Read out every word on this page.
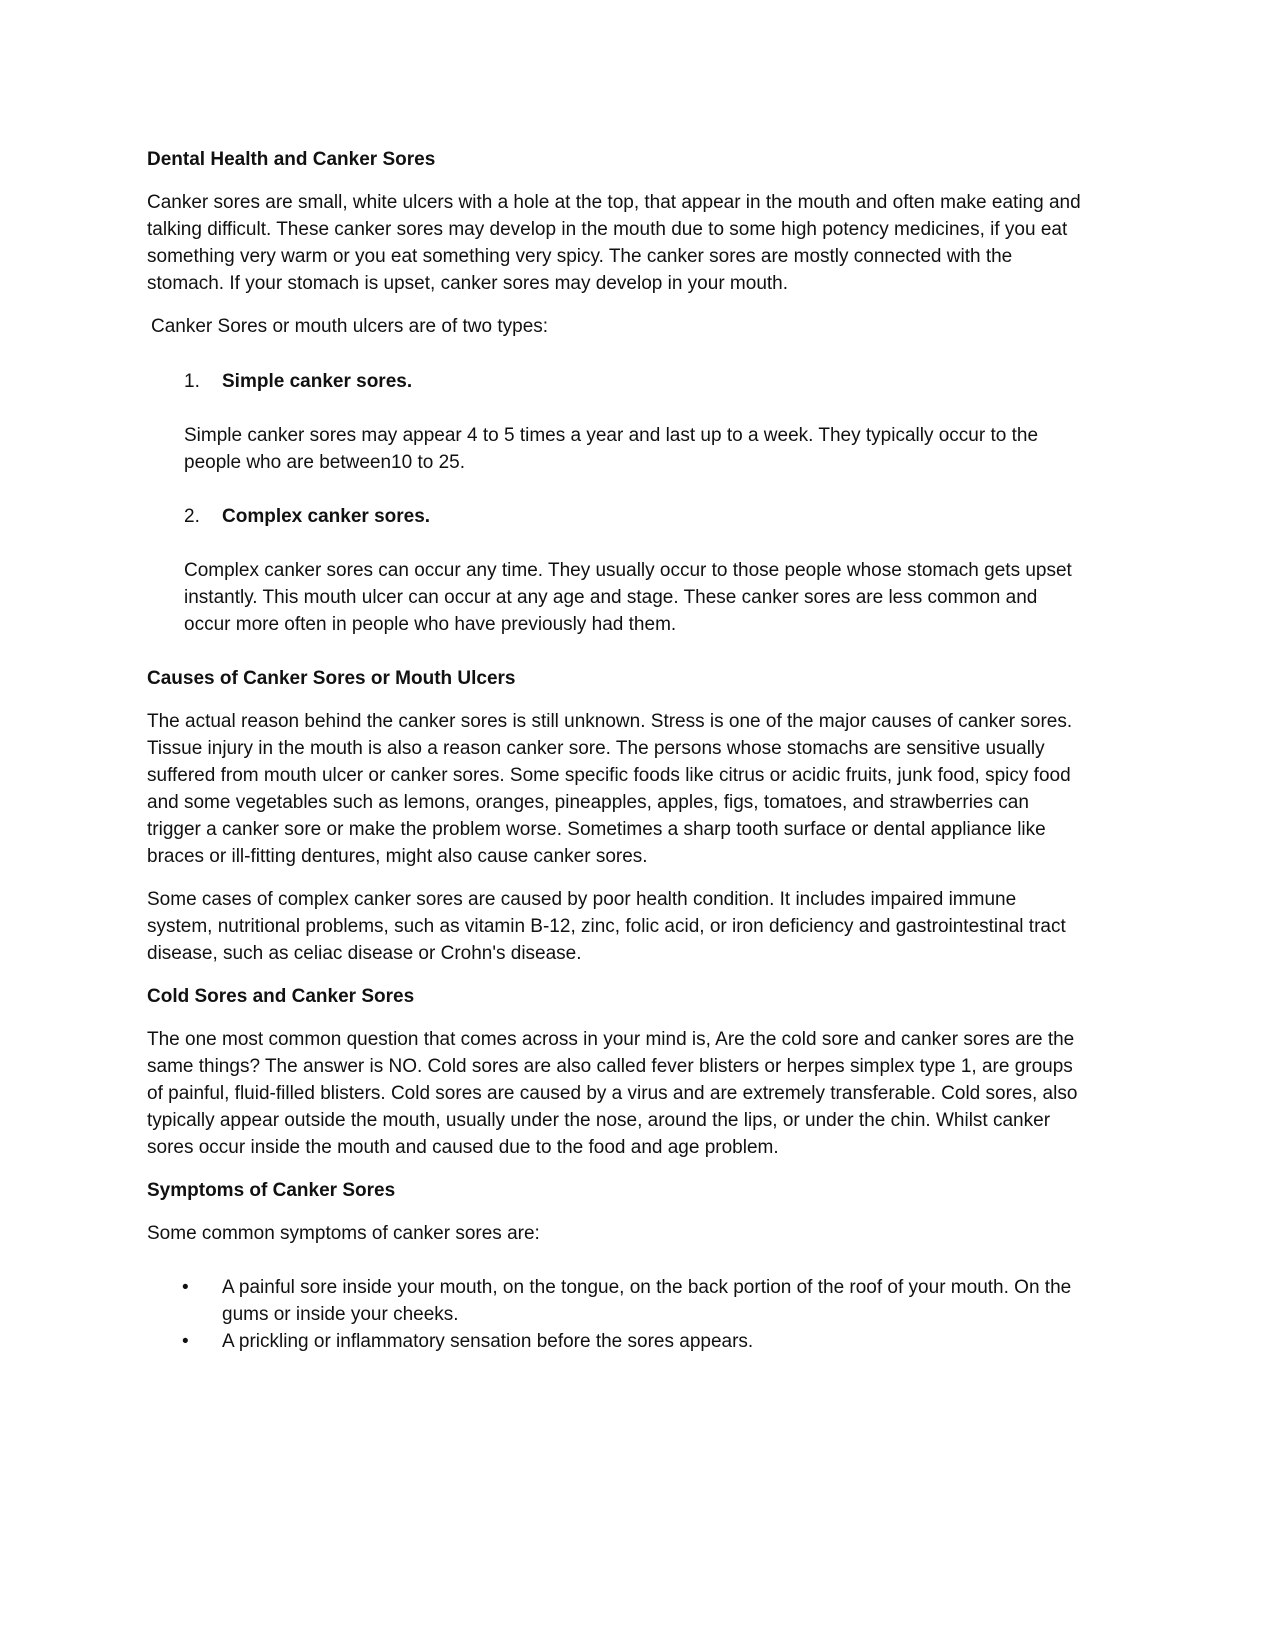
Dental Health and Canker Sores

Canker sores are small, white ulcers with a hole at the top, that appear in the mouth and often make eating and talking difficult. These canker sores may develop in the mouth due to some high potency medicines, if you eat something very warm or you eat something very spicy. The canker sores are mostly connected with the stomach. If your stomach is upset, canker sores may develop in your mouth.

Canker Sores or mouth ulcers are of two types:

1.	Simple canker sores.

Simple canker sores may appear 4 to 5 times a year and last up to a week. They typically occur to the people who are between10 to 25.

2.	Complex canker sores.

Complex canker sores can occur any time. They usually occur to those people whose stomach gets upset instantly. This mouth ulcer can occur at any age and stage. These canker sores are less common and occur more often in people who have previously had them.

Causes of Canker Sores or Mouth Ulcers

The actual reason behind the canker sores is still unknown. Stress is one of the major causes of canker sores. Tissue injury in the mouth is also a reason canker sore. The persons whose stomachs are sensitive usually suffered from mouth ulcer or canker sores. Some specific foods like citrus or acidic fruits, junk food, spicy food and some vegetables such as lemons, oranges, pineapples, apples, figs, tomatoes, and strawberries can trigger a canker sore or make the problem worse. Sometimes a sharp tooth surface or dental appliance like braces or ill-fitting dentures, might also cause canker sores.

Some cases of complex canker sores are caused by poor health condition. It includes impaired immune system, nutritional problems, such as vitamin B-12, zinc, folic acid, or iron deficiency and gastrointestinal tract disease, such as celiac disease or Crohn's disease.

Cold Sores and Canker Sores

The one most common question that comes across in your mind is, Are the cold sore and canker sores are the same things? The answer is NO. Cold sores are also called fever blisters or herpes simplex type 1, are groups of painful, fluid-filled blisters. Cold sores are caused by a virus and are extremely transferable. Cold sores, also typically appear outside the mouth, usually under the nose, around the lips, or under the chin. Whilst canker sores occur inside the mouth and caused due to the food and age problem.

Symptoms of Canker Sores

Some common symptoms of canker sores are:

•	A painful sore inside your mouth, on the tongue, on the back portion of the roof of your mouth. On the gums or inside your cheeks.
•	A prickling or inflammatory sensation before the sores appears.
